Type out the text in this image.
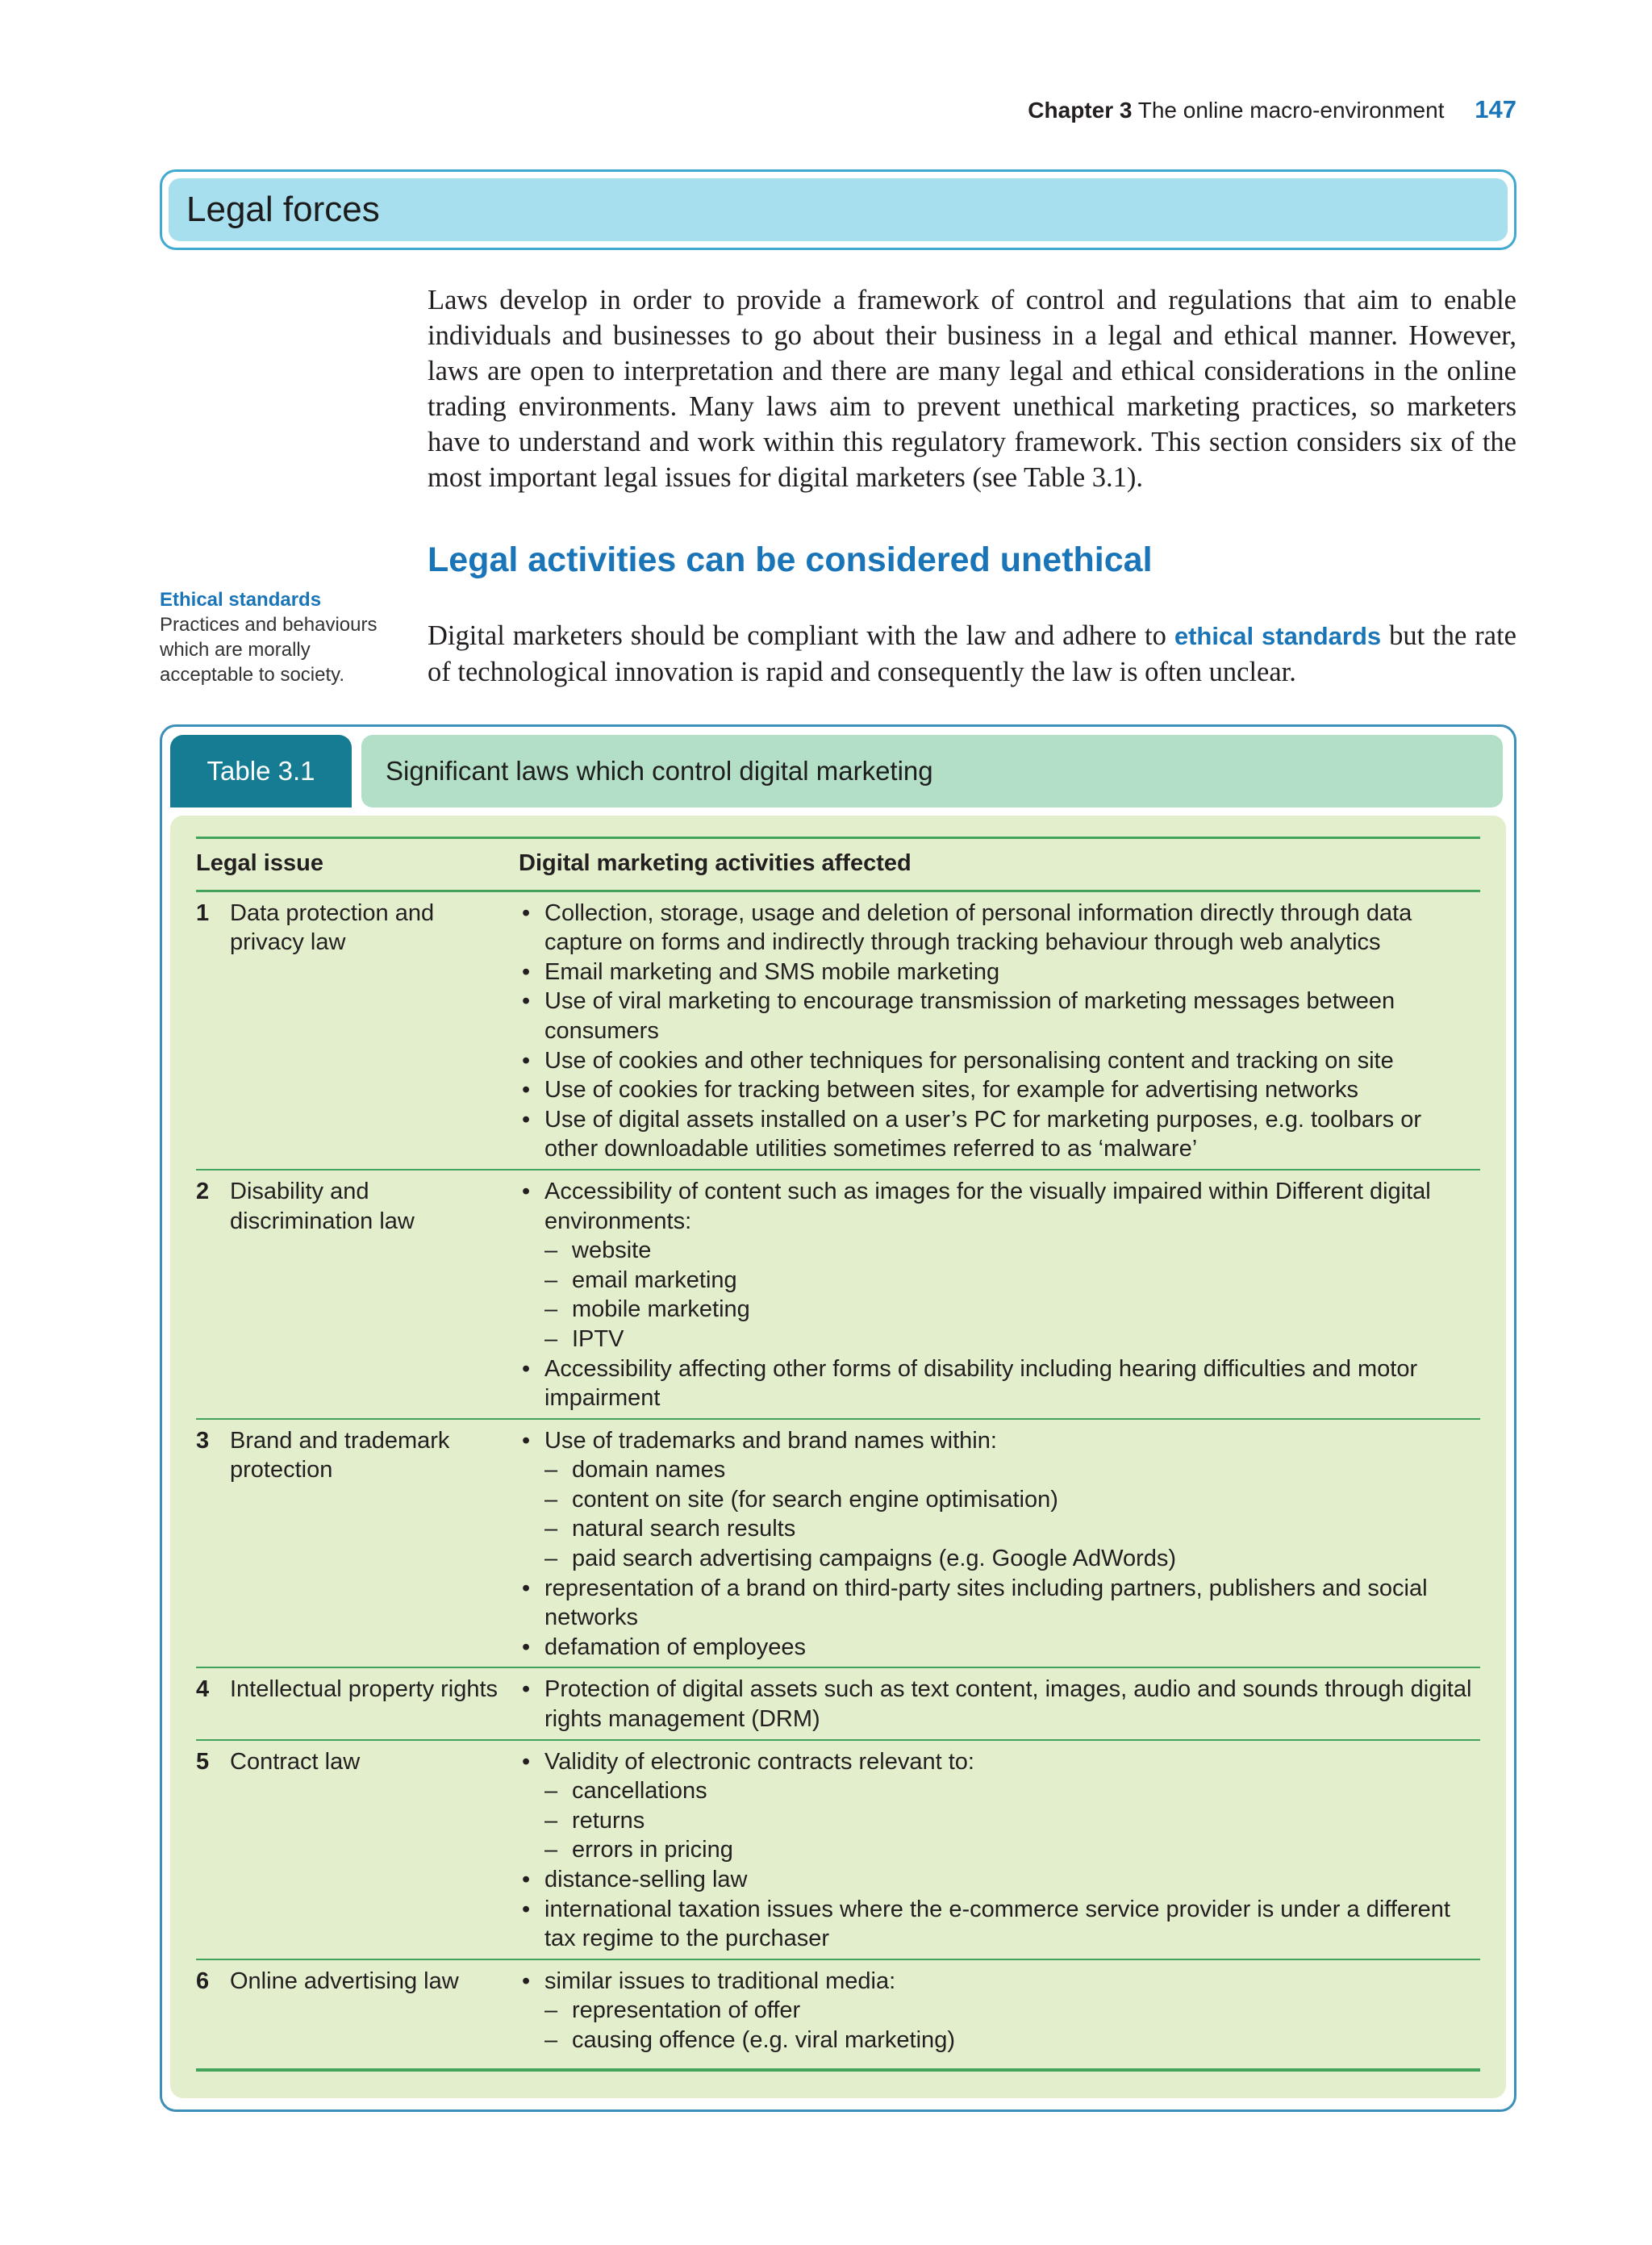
Chapter 3 The online macro-environment 147
Legal forces

Laws develop in order to provide a framework of control and regulations that aim to enable individuals and businesses to go about their business in a legal and ethical manner. However, laws are open to interpretation and there are many legal and ethical considerations in the online trading environments. Many laws aim to prevent unethical marketing practices, so marketers have to understand and work within this regulatory framework. This section considers six of the most important legal issues for digital marketers (see Table 3.1).

Legal activities can be considered unethical
Ethical standards
Practices and behaviours which are morally acceptable to society.

Digital marketers should be compliant with the law and adhere to ethical standards but the rate of technological innovation is rapid and consequently the law is often unclear.

Table 3.1	Significant laws which control digital marketing
Legal issue	Digital marketing activities affected
1 Data protection and privacy law
• Collection, storage, usage and deletion of personal information directly through data capture on forms and indirectly through tracking behaviour through web analytics
• Email marketing and SMS mobile marketing
• Use of viral marketing to encourage transmission of marketing messages between consumers
• Use of cookies and other techniques for personalising content and tracking on site
• Use of cookies for tracking between sites, for example for advertising networks
• Use of digital assets installed on a user’s PC for marketing purposes, e.g. toolbars or other downloadable utilities sometimes referred to as ‘malware’
2 Disability and discrimination law
• Accessibility of content such as images for the visually impaired within Different digital environments:
– website
– email marketing
– mobile marketing
– IPTV
• Accessibility affecting other forms of disability including hearing difficulties and motor impairment
3 Brand and trademark protection
• Use of trademarks and brand names within:
– domain names
– content on site (for search engine optimisation)
– natural search results
– paid search advertising campaigns (e.g. Google AdWords)
• representation of a brand on third-party sites including partners, publishers and social networks
• defamation of employees
4 Intellectual property rights	• Protection of digital assets such as text content, images, audio and sounds through digital rights management (DRM)
5 Contract law	• Validity of electronic contracts relevant to:
– cancellations
– returns
– errors in pricing
• distance-selling law
• international taxation issues where the e-commerce service provider is under a different tax regime to the purchaser
6 Online advertising law	• similar issues to traditional media:
– representation of offer
– causing offence (e.g. viral marketing)
